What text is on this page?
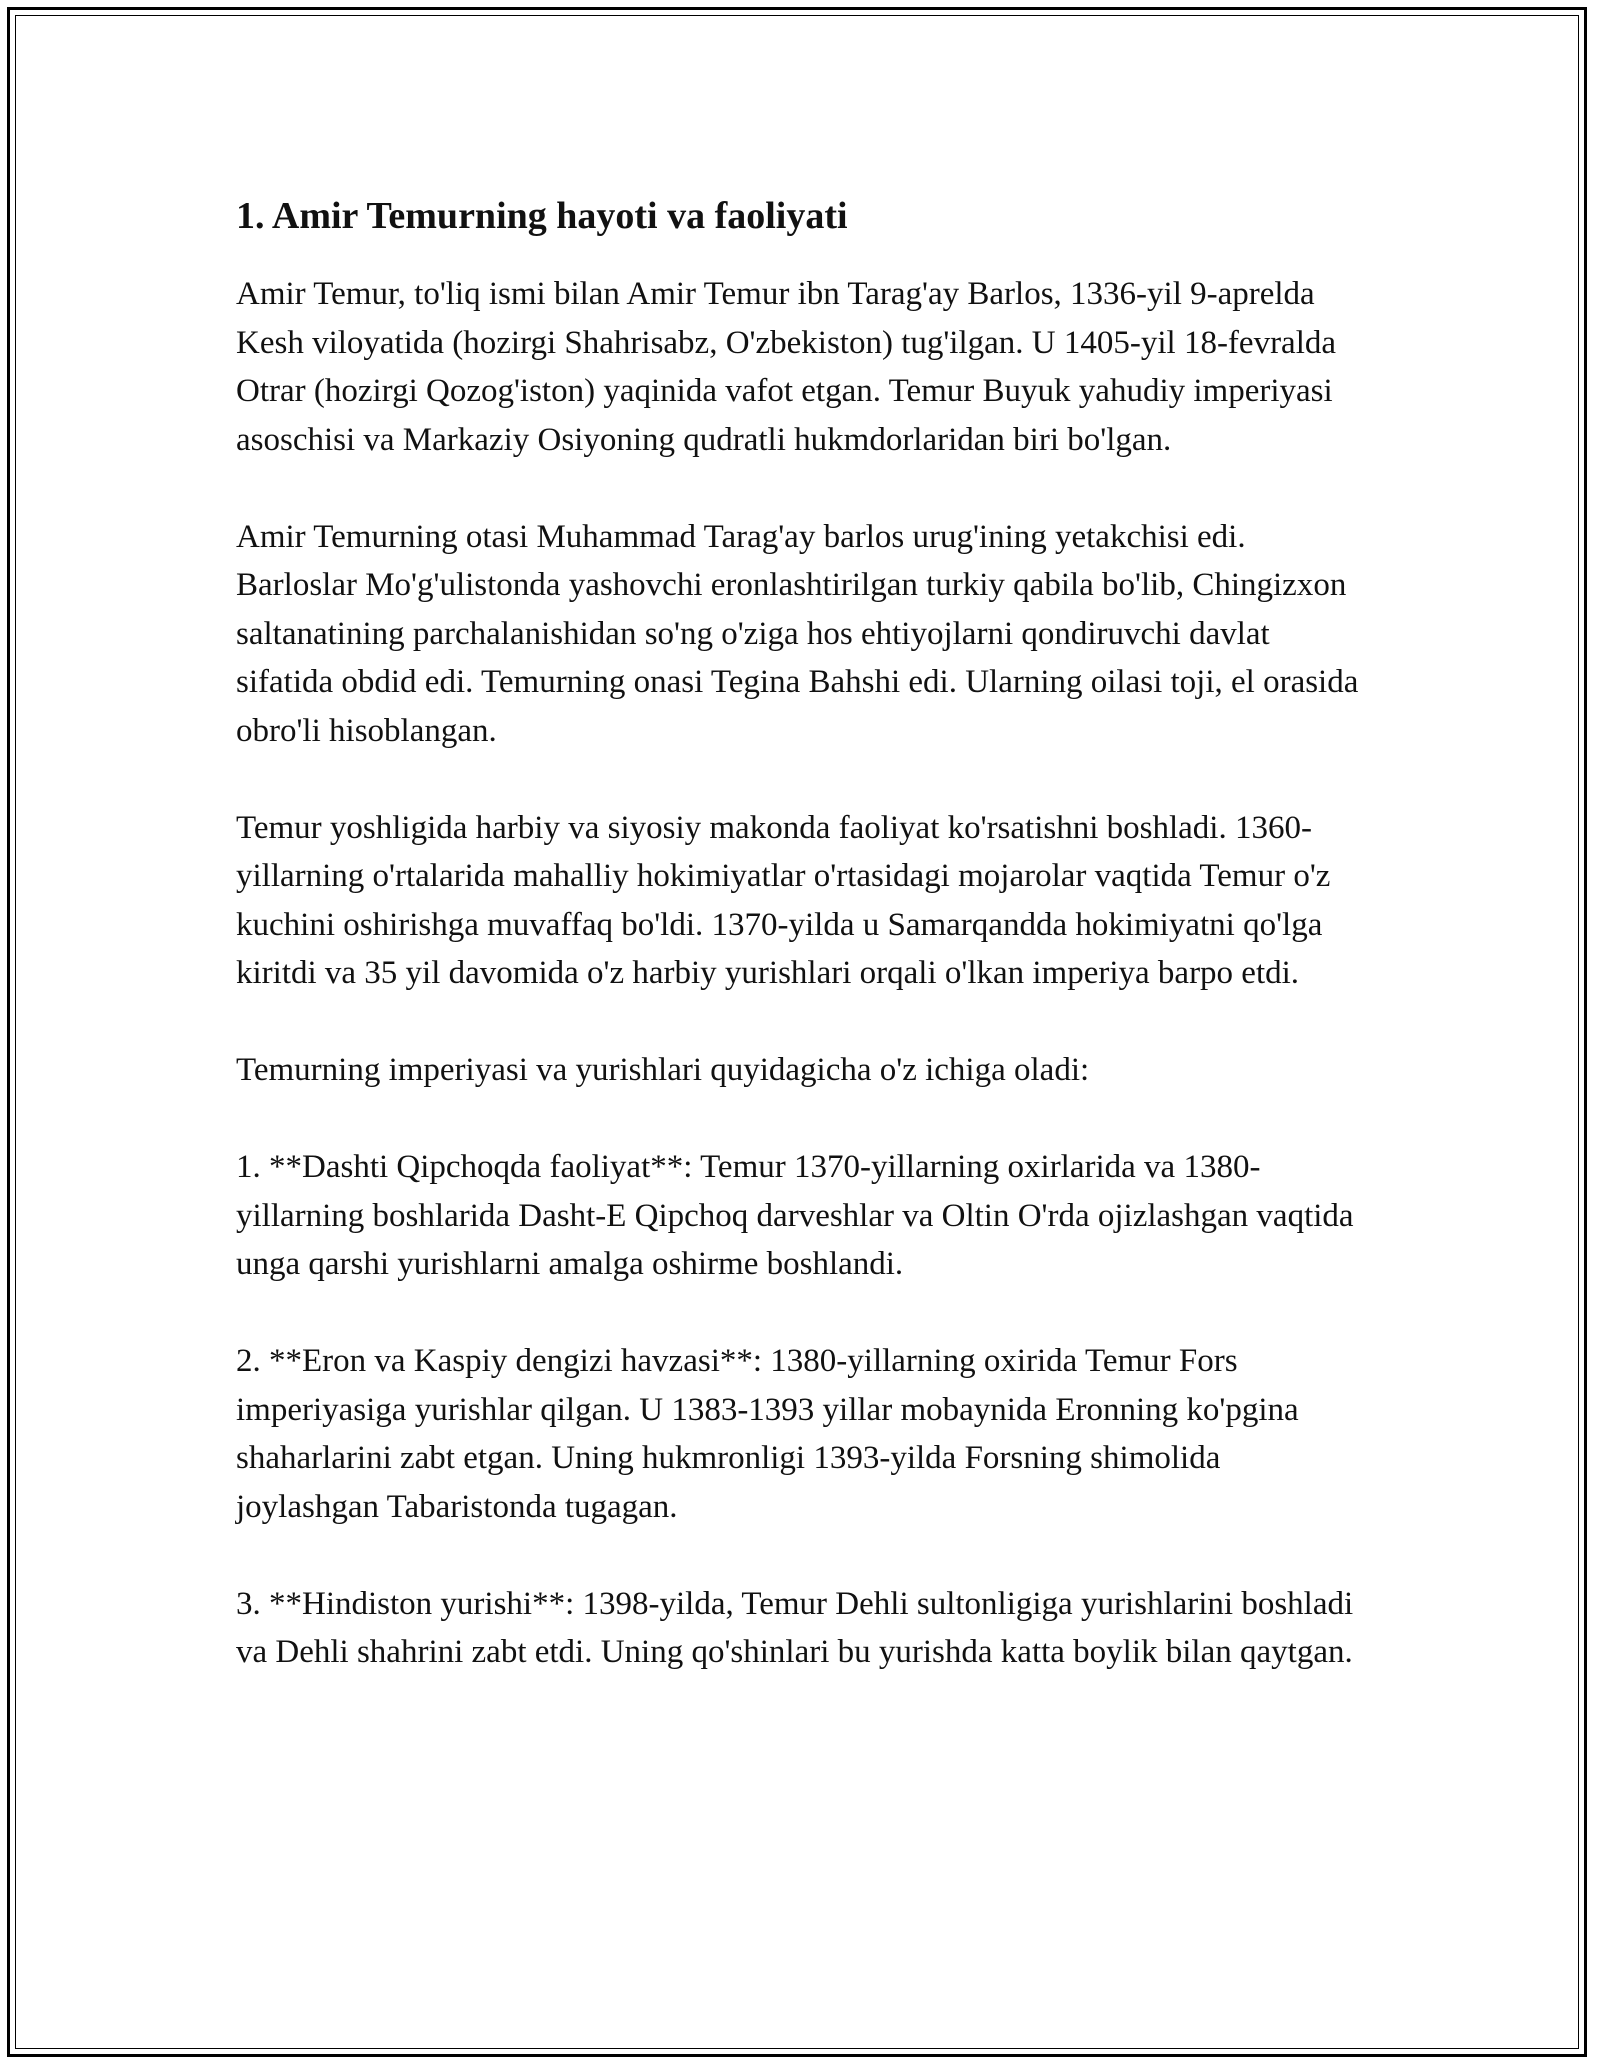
1. Amir Temurning hayoti va faoliyati

Amir Temur, to'liq ismi bilan Amir Temur ibn Tarag'ay Barlos, 1336-yil 9-aprelda Kesh viloyatida (hozirgi Shahrisabz, O'zbekiston) tug'ilgan. U 1405-yil 18-fevralda Otrar (hozirgi Qozog'iston) yaqinida vafot etgan. Temur Buyuk yahudiy imperiyasi asoschisi va Markaziy Osiyoning qudratli hukmdorlaridan biri bo'lgan.

Amir Temurning otasi Muhammad Tarag'ay barlos urug'ining yetakchisi edi. Barloslar Mo'g'ulistonda yashovchi eronlashtirilgan turkiy qabila bo'lib, Chingizxon saltanatining parchalanishidan so'ng o'ziga hos ehtiyojlarni qondiruvchi davlat sifatida obdid edi. Temurning onasi Tegina Bahshi edi. Ularning oilasi toji, el orasida obro'li hisoblangan.

Temur yoshligida harbiy va siyosiy makonda faoliyat ko'rsatishni boshladi. 1360-yillarning o'rtalarida mahalliy hokimiyatlar o'rtasidagi mojarolar vaqtida Temur o'z kuchini oshirishga muvaffaq bo'ldi. 1370-yilda u Samarqandda hokimiyatni qo'lga kiritdi va 35 yil davomida o'z harbiy yurishlari orqali o'lkan imperiya barpo etdi.

Temurning imperiyasi va yurishlari quyidagicha o'z ichiga oladi:

1. **Dashti Qipchoqda faoliyat**: Temur 1370-yillarning oxirlarida va 1380-yillarning boshlarida Dasht-E Qipchoq darveshlar va Oltin O'rda ojizlashgan vaqtida unga qarshi yurishlarni amalga oshirme boshlandi.

2. **Eron va Kaspiy dengizi havzasi**: 1380-yillarning oxirida Temur Fors imperiyasiga yurishlar qilgan. U 1383-1393 yillar mobaynida Eronning ko'pgina shaharlarini zabt etgan. Uning hukmronligi 1393-yilda Forsning shimolida joylashgan Tabaristonda tugagan.

3. **Hindiston yurishi**: 1398-yilda, Temur Dehli sultonligiga yurishlarini boshladi va Dehli shahrini zabt etdi. Uning qo'shinlari bu yurishda katta boylik bilan qaytgan.
